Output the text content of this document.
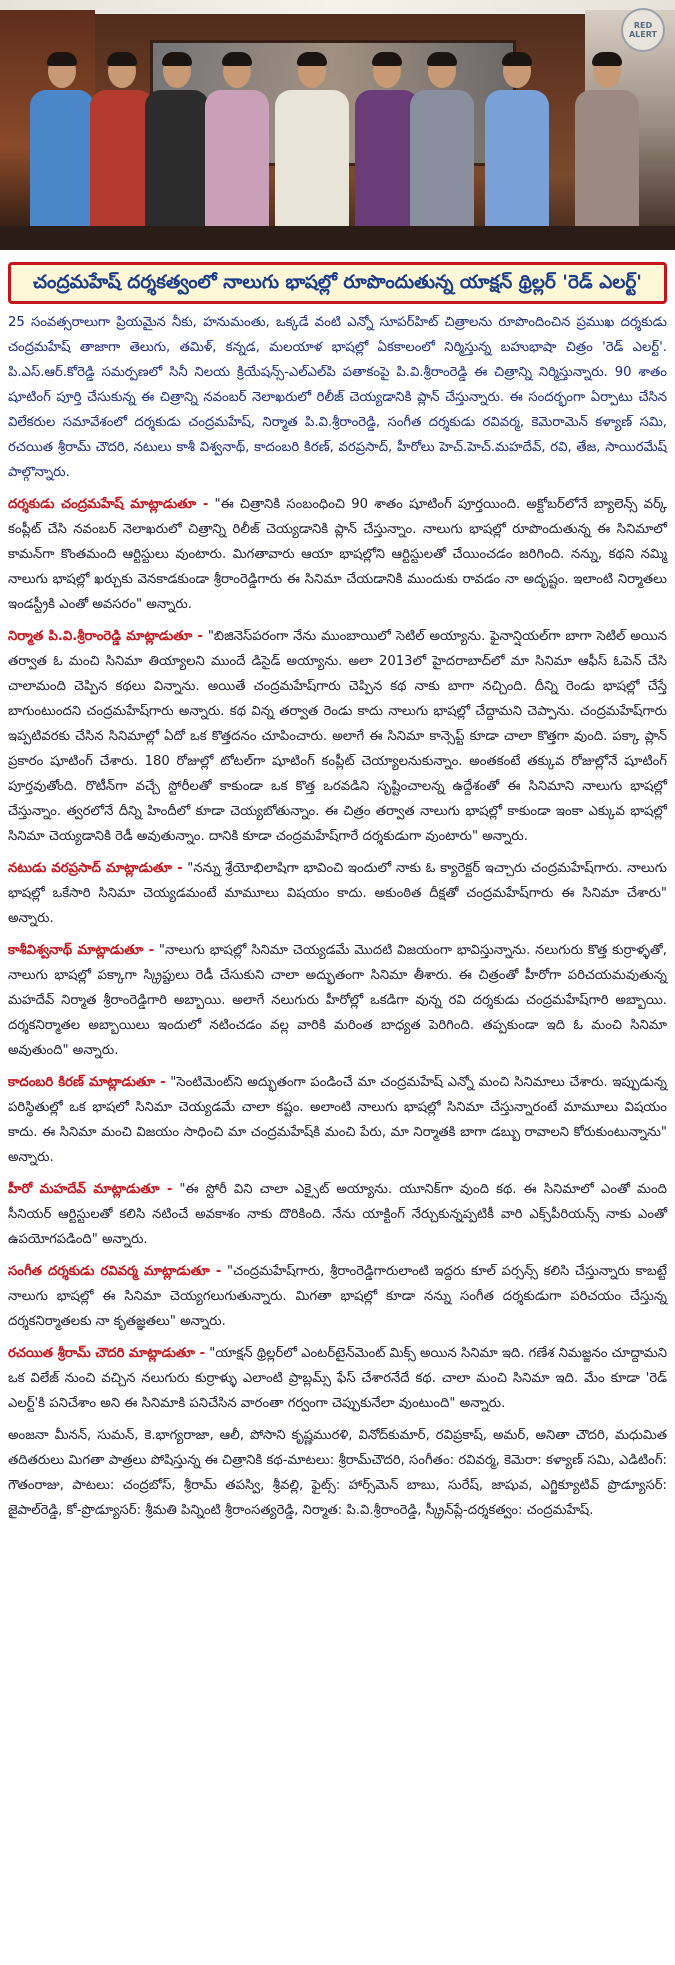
RED ALERT
చంద్రమహేష్ దర్శకత్వంలో నాలుగు భాషల్లో రూపొందుతున్న యాక్షన్ థ్రిల్లర్ 'రెడ్ ఎలర్ట్'

25 సంవత్సరాలుగా ప్రియమైన నీకు, హనుమంతు, ఒక్కడే వంటి ఎన్నో సూపర్‌హిట్ చిత్రాలను రూపొందించిన ప్రముఖ దర్శకుడు చంద్రమహేష్ తాజాగా తెలుగు, తమిళ్, కన్నడ, మలయాళ భాషల్లో ఏకకాలంలో నిర్మిస్తున్న బహుభాషా చిత్రం 'రెడ్ ఎలర్ట్'. పి.ఎస్.ఆర్.కోరెడ్డి సమర్పణలో సినీ నిలయ క్రియేషన్స్-ఎల్‌ఎల్‌పి పతాకంపై పి.వి.శ్రీరాంరెడ్డి ఈ చిత్రాన్ని నిర్మిస్తున్నారు. 90 శాతం షూటింగ్ పూర్తి చేసుకున్న ఈ చిత్రాన్ని నవంబర్ నెలాఖరులో రిలీజ్ చెయ్యడానికి ప్లాన్ చేస్తున్నారు. ఈ సందర్భంగా ఏర్పాటు చేసిన విలేకరుల సమావేశంలో దర్శకుడు చంద్రమహేష్, నిర్మాత పి.వి.శ్రీరాంరెడ్డి, సంగీత దర్శకుడు రవివర్మ, కెమెరామెన్ కళ్యాణ్ సమి, రచయిత శ్రీరామ్ చౌదరి, నటులు కాశీ విశ్వనాథ్, కాదంబరి కిరణ్, వరప్రసాద్, హీరోలు హెచ్.హెచ్.మహదేవ్, రవి, తేజ, సాయిరమేష్ పాల్గొన్నారు.

దర్శకుడు చంద్రమహేష్ మాట్లాడుతూ - "ఈ చిత్రానికి సంబంధించి 90 శాతం షూటింగ్ పూర్తయింది. అక్టోబర్‌లోనే బ్యాలెన్స్ వర్క్ కంప్లీట్ చేసి నవంబర్ నెలాఖరులో చిత్రాన్ని రిలీజ్ చెయ్యడానికి ప్లాన్ చేస్తున్నాం. నాలుగు భాషల్లో రూపొందుతున్న ఈ సినిమాలో కామన్‌గా కొంతమంది ఆర్టిస్టులు వుంటారు. మిగతావారు ఆయా భాషల్లోని ఆర్టిస్టులతో చేయించడం జరిగింది. నన్ను, కథని నమ్మి నాలుగు భాషల్లో ఖర్చుకు వెనకాడకుండా శ్రీరాంరెడ్డిగారు ఈ సినిమా చేయడానికి ముందుకు రావడం నా అదృష్టం. ఇలాంటి నిర్మాతలు ఇండస్ట్రీకి ఎంతో అవసరం" అన్నారు.

నిర్మాత పి.వి.శ్రీరాంరెడ్డి మాట్లాడుతూ - "బిజినెస్‌పరంగా నేను ముంబాయిలో సెటిల్ అయ్యాను. ఫైనాన్షియల్‌గా బాగా సెటిల్ అయిన తర్వాత ఓ మంచి సినిమా తియ్యాలని ముందే డిసైడ్ అయ్యాను. అలా 2013లో హైదరాబాద్‌లో మా సినిమా ఆఫీస్ ఓపెన్ చేసి చాలామంది చెప్పిన కథలు విన్నాను. అయితే చంద్రమహేష్‌గారు చెప్పిన కథ నాకు బాగా నచ్చింది. దీన్ని రెండు భాషల్లో చేస్తే బాగుంటుందని చంద్రమహేష్‌గారు అన్నారు. కథ విన్న తర్వాత రెండు కాదు నాలుగు భాషల్లో చేద్దామని చెప్పాను. చంద్రమహేష్‌గారు ఇప్పటివరకు చేసిన సినిమాల్లో ఏదో ఒక కొత్తదనం చూపించారు. అలాగే ఈ సినిమా కాన్సెప్ట్ కూడా చాలా కొత్తగా వుంది. పక్కా ప్లాన్ ప్రకారం షూటింగ్ చేశారు. 180 రోజుల్లో టోటల్‌గా షూటింగ్ కంప్లీట్ చెయ్యాలనుకున్నాం. అంతకంటే తక్కువ రోజుల్లోనే షూటింగ్ పూర్తవుతోంది. రొటీన్‌గా వచ్చే స్టోరీలతో కాకుండా ఒక కొత్త ఒరవడిని సృష్టించాలన్న ఉద్దేశంతో ఈ సినిమాని నాలుగు భాషల్లో చేస్తున్నాం. త్వరలోనే దీన్ని హిందీలో కూడా చెయ్యబోతున్నాం. ఈ చిత్రం తర్వాత నాలుగు భాషల్లో కాకుండా ఇంకా ఎక్కువ భాషల్లో సినిమా చెయ్యడానికి రెడీ అవుతున్నాం. దానికి కూడా చంద్రమహేష్‌గారే దర్శకుడుగా వుంటారు" అన్నారు.

నటుడు వరప్రసాద్ మాట్లాడుతూ - "నన్ను శ్రేయోభిలాషిగా భావించి ఇందులో నాకు ఓ క్యారెక్టర్ ఇచ్చారు చంద్రమహేష్‌గారు. నాలుగు భాషల్లో ఒకేసారి సినిమా చెయ్యడమంటే మామూలు విషయం కాదు. అకుంఠిత దీక్షతో చంద్రమహేష్‌గారు ఈ సినిమా చేశారు" అన్నారు.

కాశీవిశ్వనాథ్ మాట్లాడుతూ - "నాలుగు భాషల్లో సినిమా చెయ్యడమే మొదటి విజయంగా భావిస్తున్నాను. నలుగురు కొత్త కుర్రాళ్ళతో, నాలుగు భాషల్లో పక్కాగా స్క్రిప్టులు రెడీ చేసుకుని చాలా అద్భుతంగా సినిమా తీశారు. ఈ చిత్రంతో హీరోగా పరిచయమవుతున్న మహదేవ్ నిర్మాత శ్రీరాంరెడ్డిగారి అబ్బాయి. అలాగే నలుగురు హీరోల్లో ఒకడిగా వున్న రవి దర్శకుడు చంద్రమహేష్‌గారి అబ్బాయి. దర్శకనిర్మాతల అబ్బాయిలు ఇందులో నటించడం వల్ల వారికి మరింత బాధ్యత పెరిగింది. తప్పకుండా ఇది ఓ మంచి సినిమా అవుతుంది" అన్నారు.

కాదంబరి కిరణ్ మాట్లాడుతూ - "సెంటిమెంట్‌ని అద్భుతంగా పండించే మా చంద్రమహేష్ ఎన్నో మంచి సినిమాలు చేశారు. ఇప్పుడున్న పరిస్థితుల్లో ఒక భాషలో సినిమా చెయ్యడమే చాలా కష్టం. అలాంటి నాలుగు భాషల్లో సినిమా చేస్తున్నారంటే మామూలు విషయం కాదు. ఈ సినిమా మంచి విజయం సాధించి మా చంద్రమహేష్‌కి మంచి పేరు, మా నిర్మాతకి బాగా డబ్బు రావాలని కోరుకుంటున్నాను" అన్నారు.

హీరో మహదేవ్ మాట్లాడుతూ - "ఈ స్టోరీ విని చాలా ఎక్సైట్ అయ్యాను. యూనిక్‌గా వుంది కథ. ఈ సినిమాలో ఎంతో మంది సీనియర్ ఆర్టిస్టులతో కలిసి నటించే అవకాశం నాకు దొరికింది. నేను యాక్టింగ్ నేర్చుకున్నప్పటికీ వారి ఎక్స్‌పీరియన్స్ నాకు ఎంతో ఉపయోగపడింది" అన్నారు.

సంగీత దర్శకుడు రవివర్మ మాట్లాడుతూ - "చంద్రమహేష్‌గారు, శ్రీరాంరెడ్డిగారులాంటి ఇద్దరు కూల్ పర్సన్స్ కలిసి చేస్తున్నారు కాబట్టే నాలుగు భాషల్లో ఈ సినిమా చెయ్యగలుగుతున్నారు. మిగతా భాషల్లో కూడా నన్ను సంగీత దర్శకుడుగా పరిచయం చేస్తున్న దర్శకనిర్మాతలకు నా కృతజ్ఞతలు" అన్నారు.

రచయిత శ్రీరామ్ చౌదరి మాట్లాడుతూ - "యాక్షన్ థ్రిల్లర్‌లో ఎంటర్‌టైన్‌మెంట్ మిక్స్ అయిన సినిమా ఇది. గణేశ నిమజ్జనం చూద్దామని ఒక విలేజ్ నుంచి వచ్చిన నలుగురు కుర్రాళ్ళు ఎలాంటి ప్రాబ్లమ్స్ ఫేస్ చేశారనేదే కథ. చాలా మంచి సినిమా ఇది. మేం కూడా 'రెడ్ ఎలర్ట్'కి పనిచేశాం అని ఈ సినిమాకి పనిచేసిన వారంతా గర్వంగా చెప్పుకునేలా వుంటుంది" అన్నారు.

అంజనా మీనన్, సుమన్, కె.భాగ్యరాజా, ఆలీ, పోసాని కృష్ణమురళి, వినోద్‌కుమార్, రవిప్రకాష్, అమర్, అనితా చౌదరి, మధుమిత తదితరులు మిగతా పాత్రలు పోషిస్తున్న ఈ చిత్రానికి కథ-మాటలు: శ్రీరామ్‌చౌదరి, సంగీతం: రవివర్మ, కెమెరా: కళ్యాణ్ సమి, ఎడిటింగ్: గౌతంరాజు, పాటలు: చంద్రబోస్, శ్రీరామ్ తపస్వి, శ్రీవల్లి, ఫైట్స్: హార్స్‌మెన్ బాబు, సురేష్, జాషువ, ఎగ్జిక్యూటివ్ ప్రొడ్యూసర్: జైపాల్‌రెడ్డి, కో-ప్రొడ్యూసర్: శ్రీమతి పిన్నింటి శ్రీరాంసత్యరెడ్డి, నిర్మాత: పి.వి.శ్రీరాంరెడ్డి, స్క్రీన్‌ప్లే-దర్శకత్వం: చంద్రమహేష్.
